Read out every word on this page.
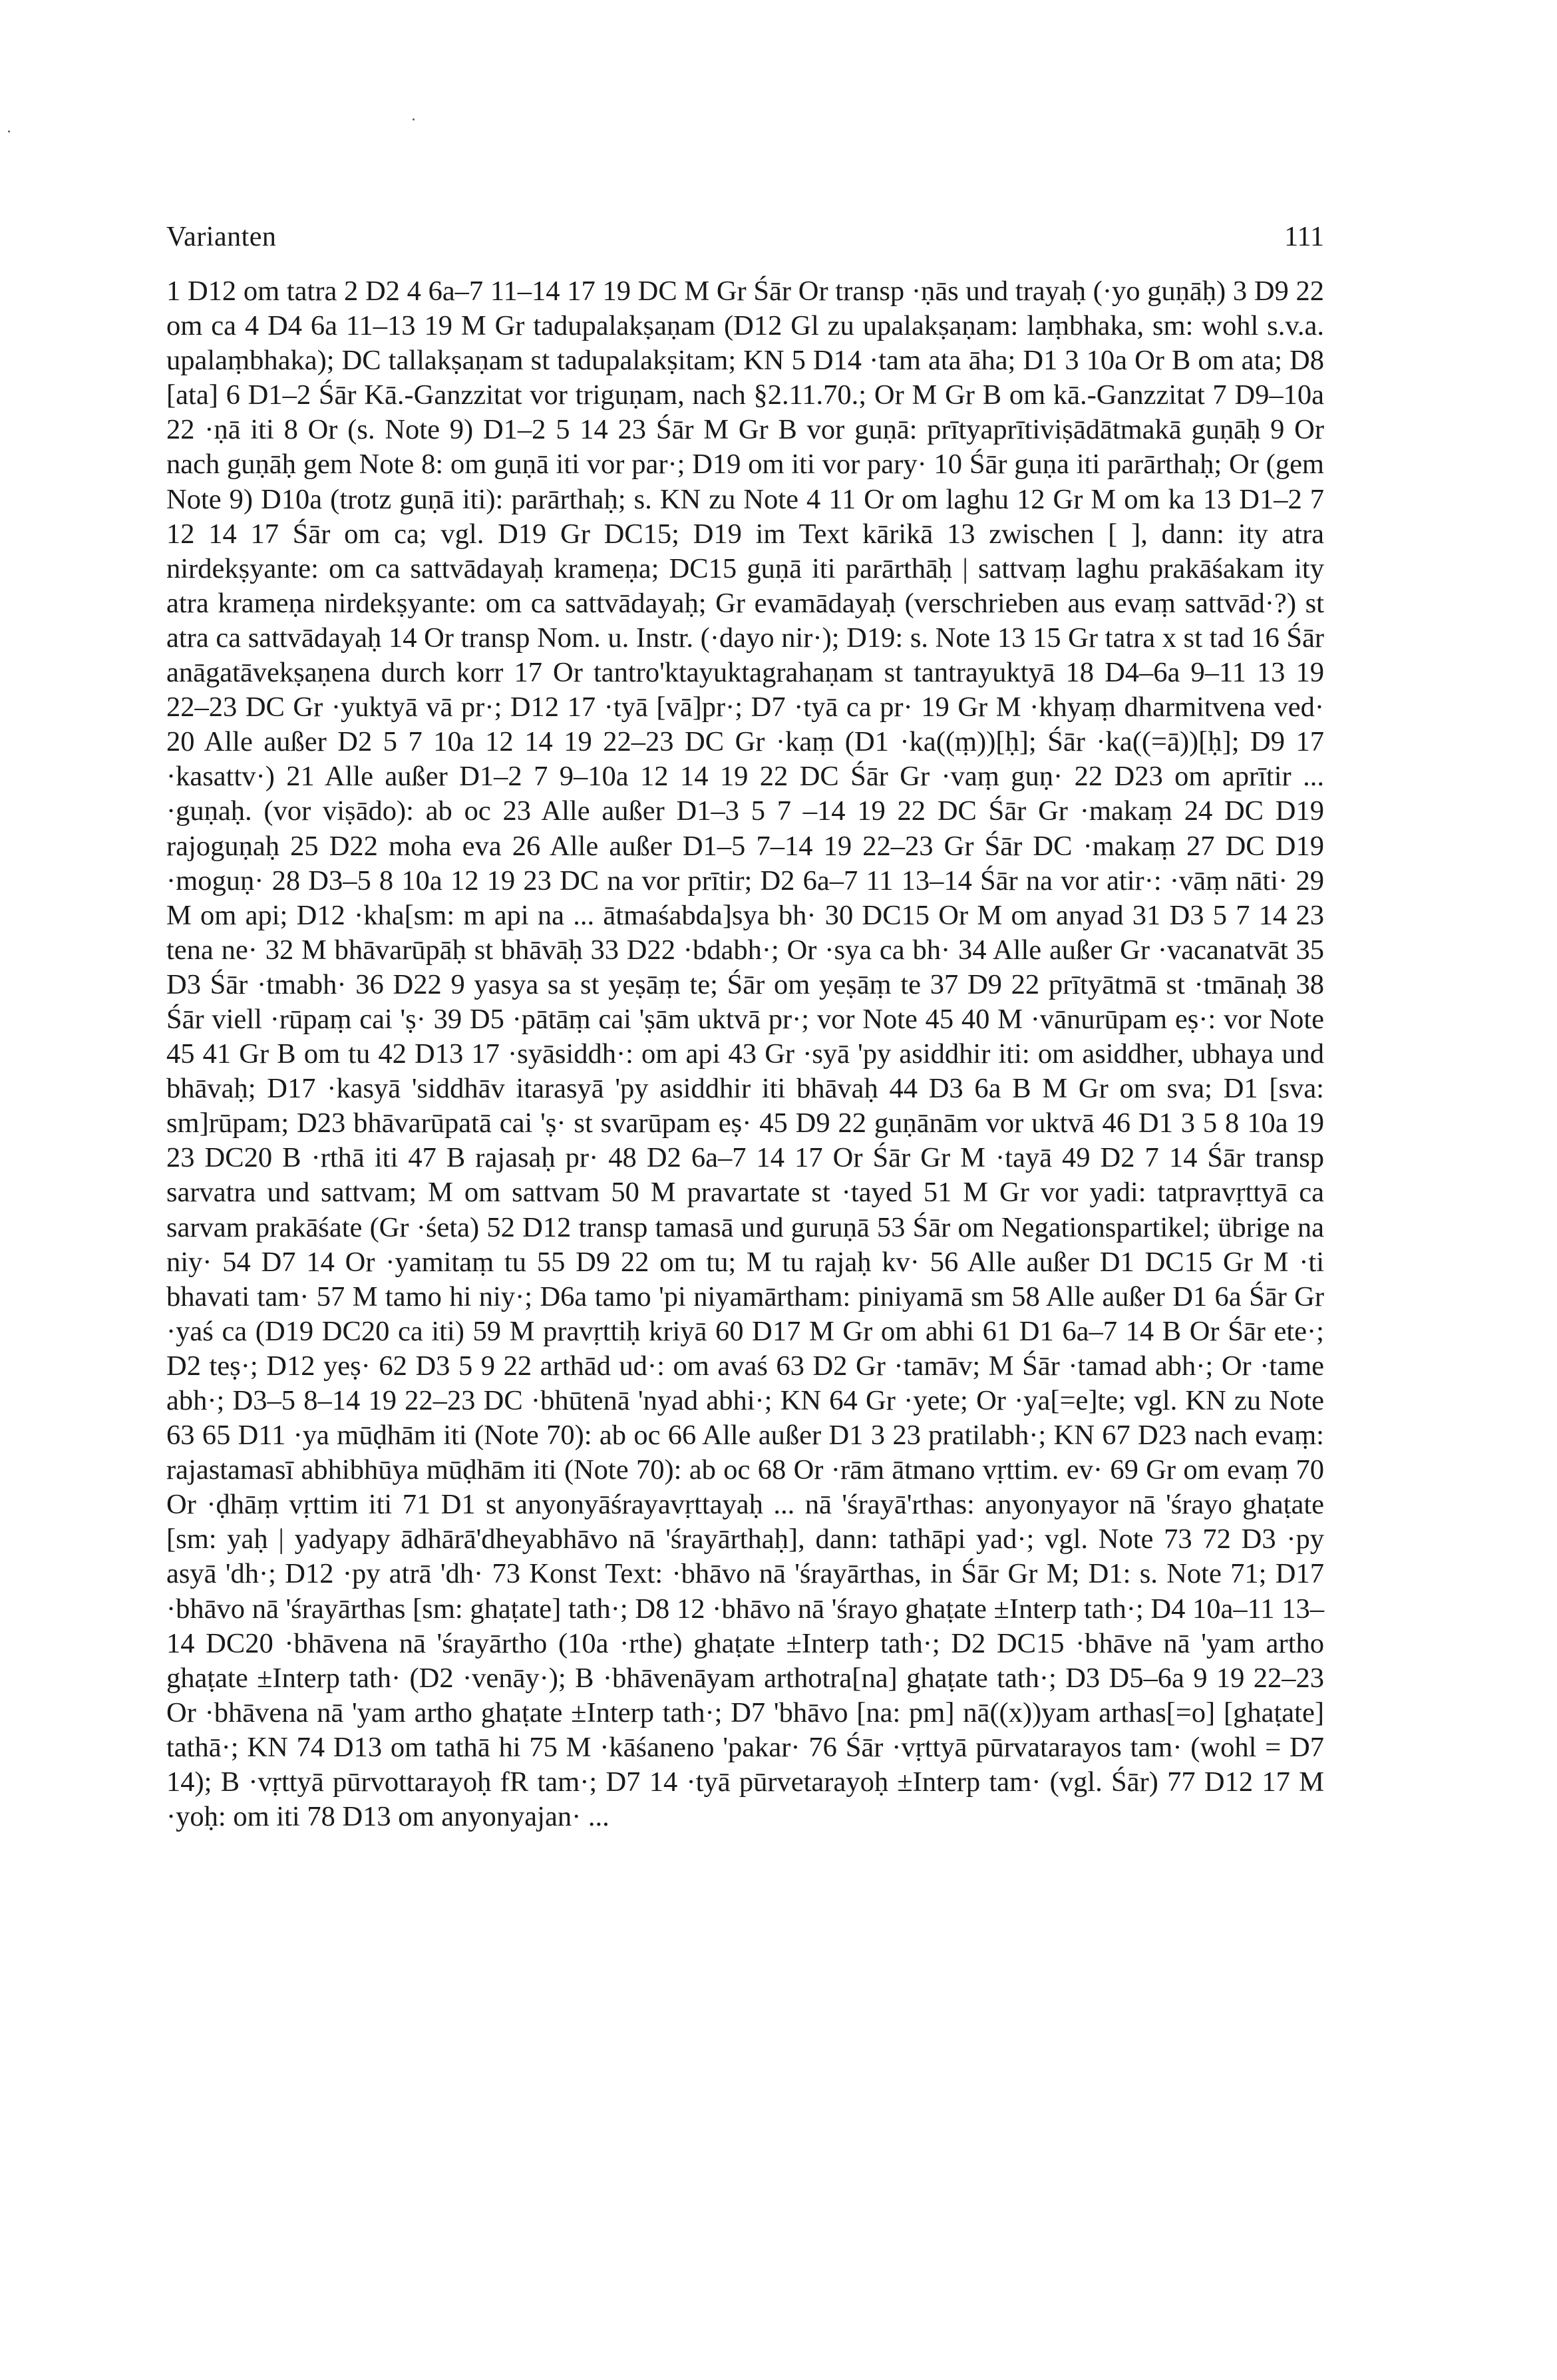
Varianten	111

1 D12 om tatra 2 D2 4 6a–7 11–14 17 19 DC M Gr Śār Or transp ·ṇās und trayaḥ (·yo guṇāḥ) 3 D9 22 om ca 4 D4 6a 11–13 19 M Gr tadupalakṣaṇam (D12 Gl zu upalakṣaṇam: laṃbhaka, sm: wohl s.v.a. upalaṃbhaka); DC tallakṣaṇam st tadupalakṣitam; KN 5 D14 ·tam ata āha; D1 3 10a Or B om ata; D8 [ata] 6 D1–2 Śār Kā.-Ganzzitat vor triguṇam, nach §2.11.70.; Or M Gr B om kā.-Ganzzitat 7 D9–10a 22 ·ṇā iti 8 Or (s. Note 9) D1–2 5 14 23 Śār M Gr B vor guṇā: prītyaprītiviṣādātmakā guṇāḥ 9 Or nach guṇāḥ gem Note 8: om guṇā iti vor par·; D19 om iti vor pary· 10 Śār guṇa iti parārthaḥ; Or (gem Note 9) D10a (trotz guṇā iti): parārthaḥ; s. KN zu Note 4 11 Or om laghu 12 Gr M om ka 13 D1–2 7 12 14 17 Śār om ca; vgl. D19 Gr DC15; D19 im Text kārikā 13 zwischen [ ], dann: ity atra nirdekṣyante: om ca sattvādayaḥ krameṇa; DC15 guṇā iti parārthāḥ | sattvaṃ laghu prakāśakam ity atra krameṇa nirdekṣyante: om ca sattvādayaḥ; Gr evamādayaḥ (verschrieben aus evaṃ sattvād·?) st atra ca sattvādayaḥ 14 Or transp Nom. u. Instr. (·dayo nir·); D19: s. Note 13 15 Gr tatra x st tad 16 Śār anāgatāvekṣaṇena durch korr 17 Or tantro'ktayuktagrahaṇam st tantrayuktyā 18 D4–6a 9–11 13 19 22–23 DC Gr ·yuktyā vā pr·; D12 17 ·tyā [vā]pr·; D7 ·tyā ca pr· 19 Gr M ·khyaṃ dharmitvena ved· 20 Alle außer D2 5 7 10a 12 14 19 22–23 DC Gr ·kaṃ (D1 ·ka((ṃ))[ḥ]; Śār ·ka((=ā))[ḥ]; D9 17 ·kasattv·) 21 Alle außer D1–2 7 9–10a 12 14 19 22 DC Śār Gr ·vaṃ guṇ· 22 D23 om aprītir ... ·guṇaḥ. (vor viṣādo): ab oc 23 Alle außer D1–3 5 7 –14 19 22 DC Śār Gr ·makaṃ 24 DC D19 rajoguṇaḥ 25 D22 moha eva 26 Alle außer D1–5 7–14 19 22–23 Gr Śār DC ·makaṃ 27 DC D19 ·moguṇ· 28 D3–5 8 10a 12 19 23 DC na vor prītir; D2 6a–7 11 13–14 Śār na vor atir·: ·vāṃ nāti· 29 M om api; D12 ·kha[sm: m api na ... ātmaśabda]sya bh· 30 DC15 Or M om anyad 31 D3 5 7 14 23 tena ne· 32 M bhāvarūpāḥ st bhāvāḥ 33 D22 ·bdabh·; Or ·sya ca bh· 34 Alle außer Gr ·vacanatvāt 35 D3 Śār ·tmabh· 36 D22 9 yasya sa st yeṣāṃ te; Śār om yeṣāṃ te 37 D9 22 prītyātmā st ·tmānaḥ 38 Śār viell ·rūpaṃ cai 'ṣ· 39 D5 ·pātāṃ cai 'ṣām uktvā pr·; vor Note 45 40 M ·vānurūpam eṣ·: vor Note 45 41 Gr B om tu 42 D13 17 ·syāsiddh·: om api 43 Gr ·syā 'py asiddhir iti: om asiddher, ubhaya und bhāvaḥ; D17 ·kasyā 'siddhāv itarasyā 'py asiddhir iti bhāvaḥ 44 D3 6a B M Gr om sva; D1 [sva: sm]rūpam; D23 bhāvarūpatā cai 'ṣ· st svarūpam eṣ· 45 D9 22 guṇānām vor uktvā 46 D1 3 5 8 10a 19 23 DC20 B ·rthā iti 47 B rajasaḥ pr· 48 D2 6a–7 14 17 Or Śār Gr M ·tayā 49 D2 7 14 Śār transp sarvatra und sattvam; M om sattvam 50 M pravartate st ·tayed 51 M Gr vor yadi: tatpravṛttyā ca sarvam prakāśate (Gr ·śeta) 52 D12 transp tamasā und guruṇā 53 Śār om Negationspartikel; übrige na niy· 54 D7 14 Or ·yamitaṃ tu 55 D9 22 om tu; M tu rajaḥ kv· 56 Alle außer D1 DC15 Gr M ·ti bhavati tam· 57 M tamo hi niy·; D6a tamo 'pi niyamārtham: piniyamā sm 58 Alle außer D1 6a Śār Gr ·yaś ca (D19 DC20 ca iti) 59 M pravṛttiḥ kriyā 60 D17 M Gr om abhi 61 D1 6a–7 14 B Or Śār ete·; D2 teṣ·; D12 yeṣ· 62 D3 5 9 22 arthād ud·: om avaś 63 D2 Gr ·tamāv; M Śār ·tamad abh·; Or ·tame abh·; D3–5 8–14 19 22–23 DC ·bhūtenā 'nyad abhi·; KN 64 Gr ·yete; Or ·ya[=e]te; vgl. KN zu Note 63 65 D11 ·ya mūḍhām iti (Note 70): ab oc 66 Alle außer D1 3 23 pratilabh·; KN 67 D23 nach evaṃ: rajastamasī abhibhūya mūḍhām iti (Note 70): ab oc 68 Or ·rām ātmano vṛttim. ev· 69 Gr om evaṃ 70 Or ·ḍhāṃ vṛttim iti 71 D1 st anyonyāśrayavṛttayaḥ ... nā 'śrayā'rthas: anyonyayor nā 'śrayo ghaṭate [sm: yaḥ | yadyapy ādhārā'dheyabhāvo nā 'śrayārthaḥ], dann: tathāpi yad·; vgl. Note 73 72 D3 ·py asyā 'dh·; D12 ·py atrā 'dh· 73 Konst Text: ·bhāvo nā 'śrayārthas, in Śār Gr M; D1: s. Note 71; D17 ·bhāvo nā 'śrayārthas [sm: ghaṭate] tath·; D8 12 ·bhāvo nā 'śrayo ghaṭate ±Interp tath·; D4 10a–11 13–14 DC20 ·bhāvena nā 'śrayārtho (10a ·rthe) ghaṭate ±Interp tath·; D2 DC15 ·bhāve nā 'yam artho ghaṭate ±Interp tath· (D2 ·venāy·); B ·bhāvenāyam arthotra[na] ghaṭate tath·; D3 D5–6a 9 19 22–23 Or ·bhāvena nā 'yam artho ghaṭate ±Interp tath·; D7 'bhāvo [na: pm] nā((x))yam arthas[=o] [ghaṭate] tathā·; KN 74 D13 om tathā hi 75 M ·kāśaneno 'pakar· 76 Śār ·vṛttyā pūrvatarayos tam· (wohl = D7 14); B ·vṛttyā pūrvottarayoḥ fR tam·; D7 14 ·tyā pūrvetarayoḥ ±Interp tam· (vgl. Śār) 77 D12 17 M ·yoḥ: om iti 78 D13 om anyonyajan· ...
